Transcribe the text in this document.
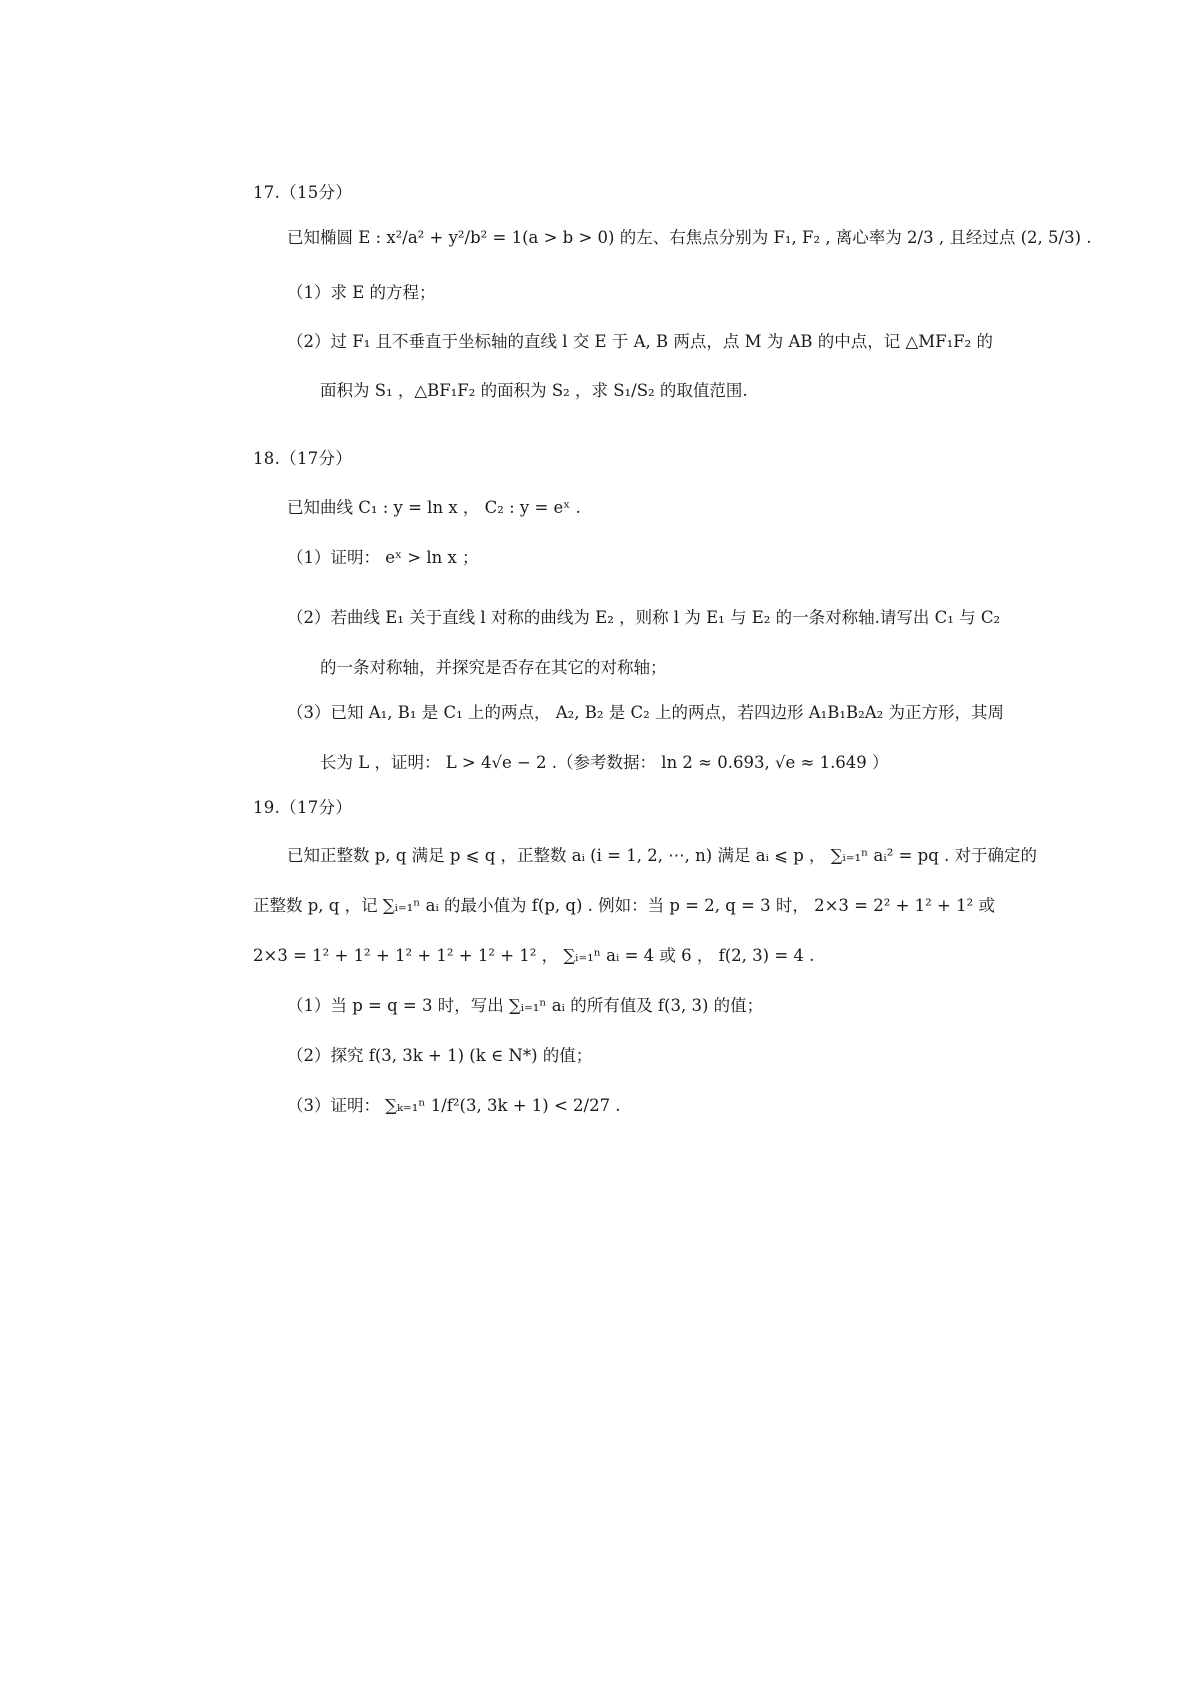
17.（15分）
已知椭圆 E : x²/a² + y²/b² = 1(a > b > 0) 的左、右焦点分别为 F₁, F₂ , 离心率为 2/3 , 且经过点 (2, 5/3) .
（1）求 E 的方程；
（2）过 F₁ 且不垂直于坐标轴的直线 l 交 E 于 A, B 两点，点 M 为 AB 的中点，记 △MF₁F₂ 的
面积为 S₁ ，△BF₁F₂ 的面积为 S₂ ，求 S₁/S₂ 的取值范围.
18.（17分）
已知曲线 C₁ : y = ln x ， C₂ : y = eˣ .
（1）证明： eˣ > ln x ；
（2）若曲线 E₁ 关于直线 l 对称的曲线为 E₂ ，则称 l 为 E₁ 与 E₂ 的一条对称轴.请写出 C₁ 与 C₂
的一条对称轴，并探究是否存在其它的对称轴；
（3）已知 A₁, B₁ 是 C₁ 上的两点， A₂, B₂ 是 C₂ 上的两点，若四边形 A₁B₁B₂A₂ 为正方形，其周
长为 L ，证明： L > 4√e − 2 .（参考数据： ln 2 ≈ 0.693, √e ≈ 1.649 ）
19.（17分）
已知正整数 p, q 满足 p ⩽ q ，正整数 aᵢ (i = 1, 2, ⋯, n) 满足 aᵢ ⩽ p ， ∑ᵢ₌₁ⁿ aᵢ² = pq . 对于确定的
正整数 p, q ，记 ∑ᵢ₌₁ⁿ aᵢ 的最小值为 f(p, q) . 例如：当 p = 2, q = 3 时， 2×3 = 2² + 1² + 1² 或
2×3 = 1² + 1² + 1² + 1² + 1² + 1² ， ∑ᵢ₌₁ⁿ aᵢ = 4 或 6 ， f(2, 3) = 4 .
（1）当 p = q = 3 时，写出 ∑ᵢ₌₁ⁿ aᵢ 的所有值及 f(3, 3) 的值；
（2）探究 f(3, 3k + 1) (k ∈ N*) 的值；
（3）证明： ∑ₖ₌₁ⁿ 1/f²(3, 3k + 1) < 2/27 .
